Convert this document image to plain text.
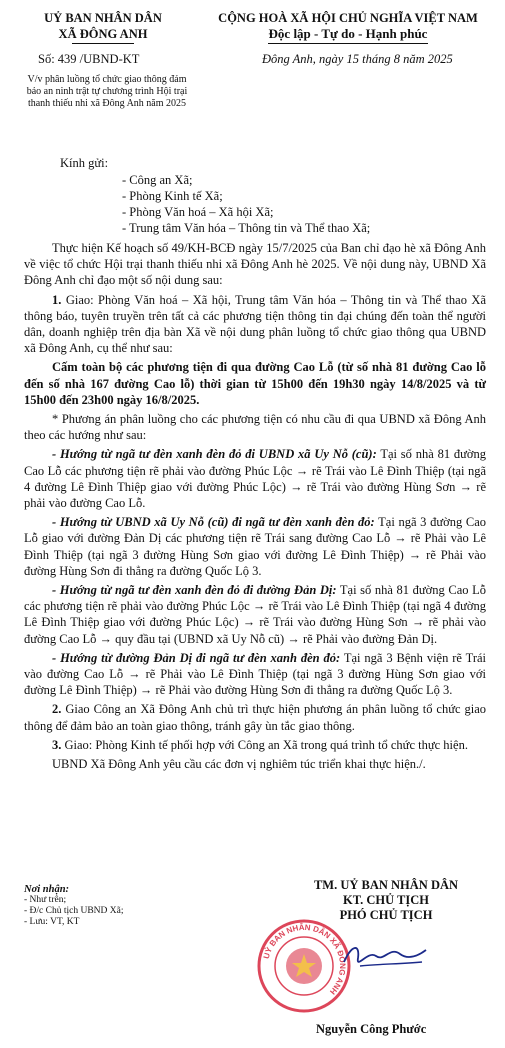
UỶ BAN NHÂN DÂN
XÃ ĐÔNG ANH
CỘNG HOÀ XÃ HỘI CHỦ NGHĨA VIỆT NAM
Độc lập - Tự do - Hạnh phúc
Số: 439 /UBND-KT	Đông Anh, ngày 15 tháng 8 năm 2025
V/v phân luồng tổ chức giao thông đảm bảo an ninh trật tự chương trình Hội trại thanh thiếu nhi xã Đông Anh năm 2025
Kính gửi:
- Công an Xã;
- Phòng Kinh tế Xã;
- Phòng Văn hoá – Xã hội Xã;
- Trung tâm Văn hóa – Thông tin và Thể thao Xã;

Thực hiện Kế hoạch số 49/KH-BCĐ ngày 15/7/2025 của Ban chỉ đạo hè xã Đông Anh về việc tổ chức Hội trại thanh thiếu nhi xã Đông Anh hè 2025. Về nội dung này, UBND Xã Đông Anh chỉ đạo một số nội dung sau:

1. Giao: Phòng Văn hoá – Xã hội, Trung tâm Văn hóa – Thông tin và Thể thao Xã thông báo, tuyên truyền trên tất cả các phương tiện thông tin đại chúng đến toàn thể người dân, doanh nghiệp trên địa bàn Xã về nội dung phân luồng tổ chức giao thông qua UBND xã Đông Anh, cụ thể như sau:

Cấm toàn bộ các phương tiện đi qua đường Cao Lỗ (từ số nhà 81 đường Cao lỗ đến số nhà 167 đường Cao lỗ) thời gian từ 15h00 đến 19h30 ngày 14/8/2025 và từ 15h00 đến 23h00 ngày 16/8/2025.

* Phương án phân luồng cho các phương tiện có nhu cầu đi qua UBND xã Đông Anh theo các hướng như sau:

- Hướng từ ngã tư đèn xanh đèn đỏ đi UBND xã Uy Nỗ (cũ): Tại số nhà 81 đường Cao Lỗ các phương tiện rẽ phải vào đường Phúc Lộc → rẽ Trái vào Lê Đình Thiệp (tại ngã 4 đường Lê Đình Thiệp giao với đường Phúc Lộc) → rẽ Trái vào đường Hùng Sơn → rẽ phải vào đường Cao Lỗ.

- Hướng từ UBND xã Uy Nỗ (cũ) đi ngã tư đèn xanh đèn đỏ: Tại ngã 3 đường Cao Lỗ giao với đường Đản Dị các phương tiện rẽ Trái sang đường Cao Lỗ → rẽ Phải vào Lê Đình Thiệp (tại ngã 3 đường Hùng Sơn giao với đường Lê Đình Thiệp) → rẽ Phải vào đường Hùng Sơn đi thẳng ra đường Quốc Lộ 3.

- Hướng từ ngã tư đèn xanh đèn đỏ đi đường Đản Dị: Tại số nhà 81 đường Cao Lỗ các phương tiện rẽ phải vào đường Phúc Lộc → rẽ Trái vào Lê Đình Thiệp (tại ngã 4 đường Lê Đình Thiệp giao với đường Phúc Lộc) → rẽ Trái vào đường Hùng Sơn → rẽ phải vào đường Cao Lỗ → quy đầu tại (UBND xã Uy Nỗ cũ) → rẽ Phải vào đường Đản Dị.

- Hướng từ đường Đản Dị đi ngã tư đèn xanh đèn đỏ: Tại ngã 3 Bệnh viện rẽ Trái vào đường Cao Lỗ → rẽ Phải vào Lê Đình Thiệp (tại ngã 3 đường Hùng Sơn giao với đường Lê Đình Thiệp) → rẽ Phải vào đường Hùng Sơn đi thẳng ra đường Quốc Lộ 3.

2. Giao Công an Xã Đông Anh chủ trì thực hiện phương án phân luồng tổ chức giao thông để đảm bảo an toàn giao thông, tránh gây ùn tắc giao thông.

3. Giao: Phòng Kinh tế phối hợp với Công an Xã trong quá trình tổ chức thực hiện.

UBND Xã Đông Anh yêu cầu các đơn vị nghiêm túc triển khai thực hiện./.

Nơi nhận:
- Như trên;
- Đ/c Chủ tịch UBND Xã;
- Lưu: VT, KT
UỶ BAN NHÂN DÂN XÃ ĐÔNG ANH
TM. UỶ BAN NHÂN DÂN
KT. CHỦ TỊCH
PHÓ CHỦ TỊCH
Nguyễn Công Phước
